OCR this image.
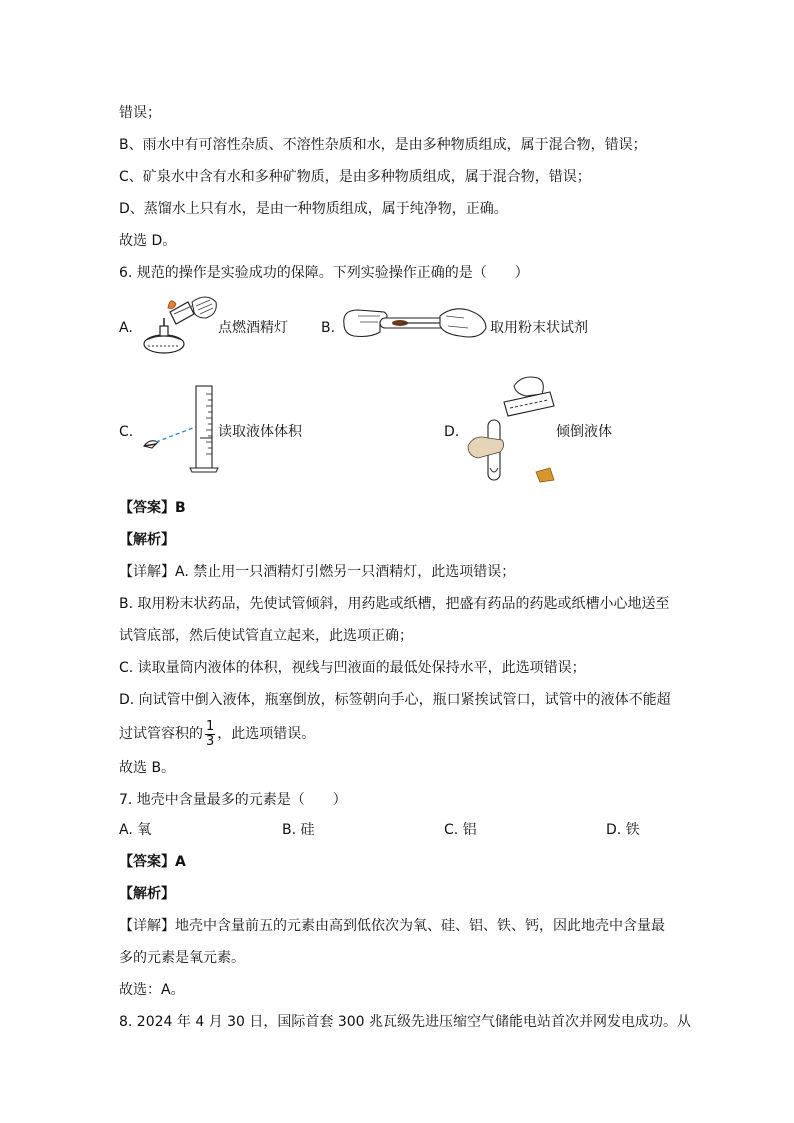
错误；
B、雨水中有可溶性杂质、不溶性杂质和水，是由多种物质组成，属于混合物，错误；
C、矿泉水中含有水和多种矿物质，是由多种物质组成，属于混合物，错误；
D、蒸馏水上只有水，是由一种物质组成，属于纯净物，正确。
故选 D。
6. 规范的操作是实验成功的保障。下列实验操作正确的是（　　）
A.	点燃酒精灯 B.	取用粉末状试剂
C.	读取液体体积	D.	倾倒液体
【答案】B
【解析】
【详解】A. 禁止用一只酒精灯引燃另一只酒精灯，此选项错误；
B. 取用粉末状药品，先使试管倾斜，用药匙或纸槽，把盛有药品的药匙或纸槽小心地送至
试管底部，然后使试管直立起来，此选项正确；
C. 读取量筒内液体的体积，视线与凹液面的最低处保持水平，此选项错误；
D. 向试管中倒入液体，瓶塞倒放，标签朝向手心，瓶口紧挨试管口，试管中的液体不能超
过试管容积的 $\frac{1}{3}$ ，此选项错误。
故选 B。
7. 地壳中含量最多的元素是（　　）
A. 氧	B. 硅	C. 铝	D. 铁
【答案】A
【解析】
【详解】地壳中含量前五的元素由高到低依次为氧、硅、铝、铁、钙，因此地壳中含量最
多的元素是氧元素。
故选：A。
8. 2024 年 4 月 30 日，国际首套 300 兆瓦级先进压缩空气储能电站首次并网发电成功。从
